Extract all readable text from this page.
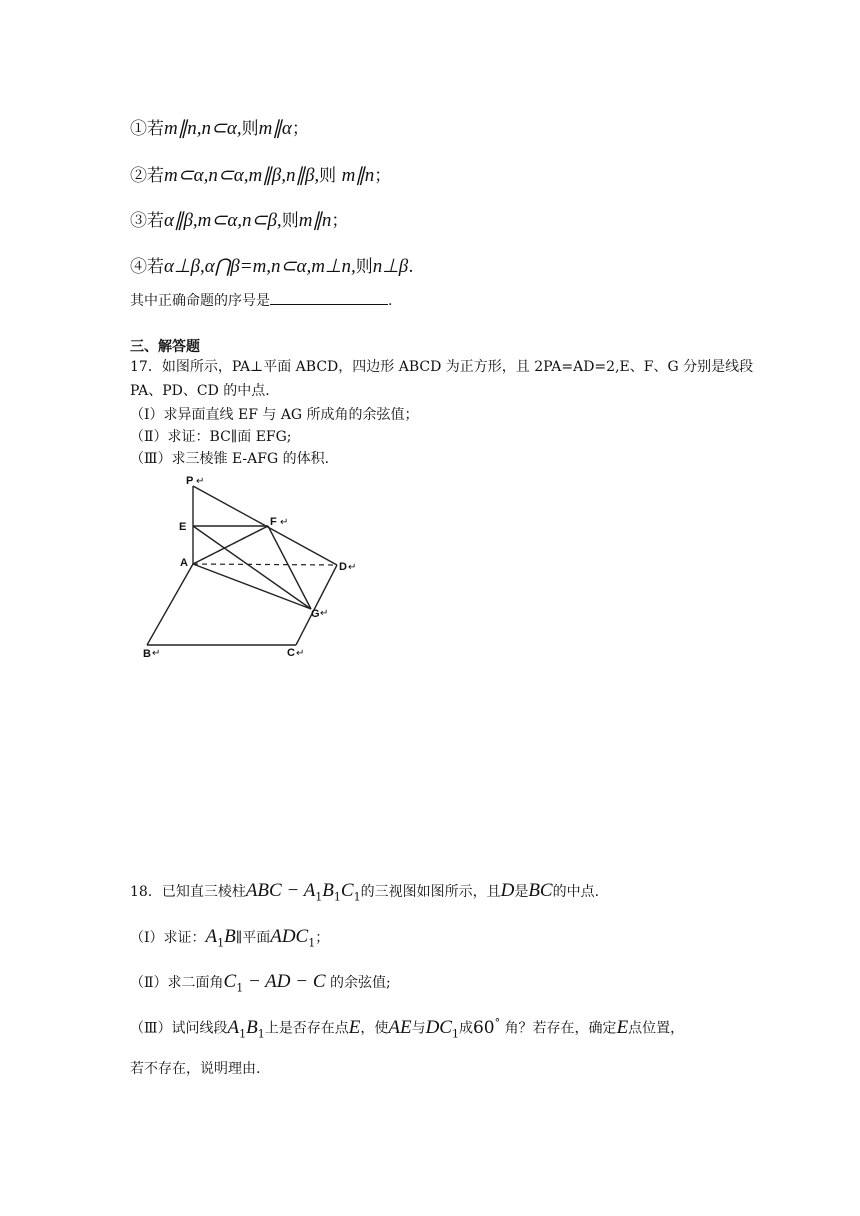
①若m∥n,n⊂α,则m∥α；
②若m⊂α,n⊂α,m∥β,n∥β,则 m∥n；
③若α∥β,m⊂α,n⊂β,则m∥n；
④若α⊥β,α⋂β=m,n⊂α,m⊥n,则n⊥β.
其中正确命题的序号是	.
三、解答题
17．如图所示，PA⊥平面 ABCD，四边形 ABCD 为正方形，且 2PA=AD=2,E、F、G 分别是线段
PA、PD、CD 的中点.
（Ⅰ）求异面直线 EF 与 AG 所成角的余弦值；
（Ⅱ）求证：BC∥面 EFG;
（Ⅲ）求三棱锥 E-AFG 的体积.
P ↵
E	F ↵
A	D ↵
G ↵
B ↵	C ↵
18．已知直三棱柱ABC − $A_1B_1C_1$的三视图如图所示，且D是BC的中点.
（Ⅰ）求证：$A_1B\parallel$平面$ADC_1$；
（Ⅱ）求二面角$C_1$ − AD − C 的余弦值;
（Ⅲ）试问线段$A_1B_1$上是否存在点E，使AE与$DC_1$成60° 角？若存在，确定E点位置，
若不存在，说明理由.
